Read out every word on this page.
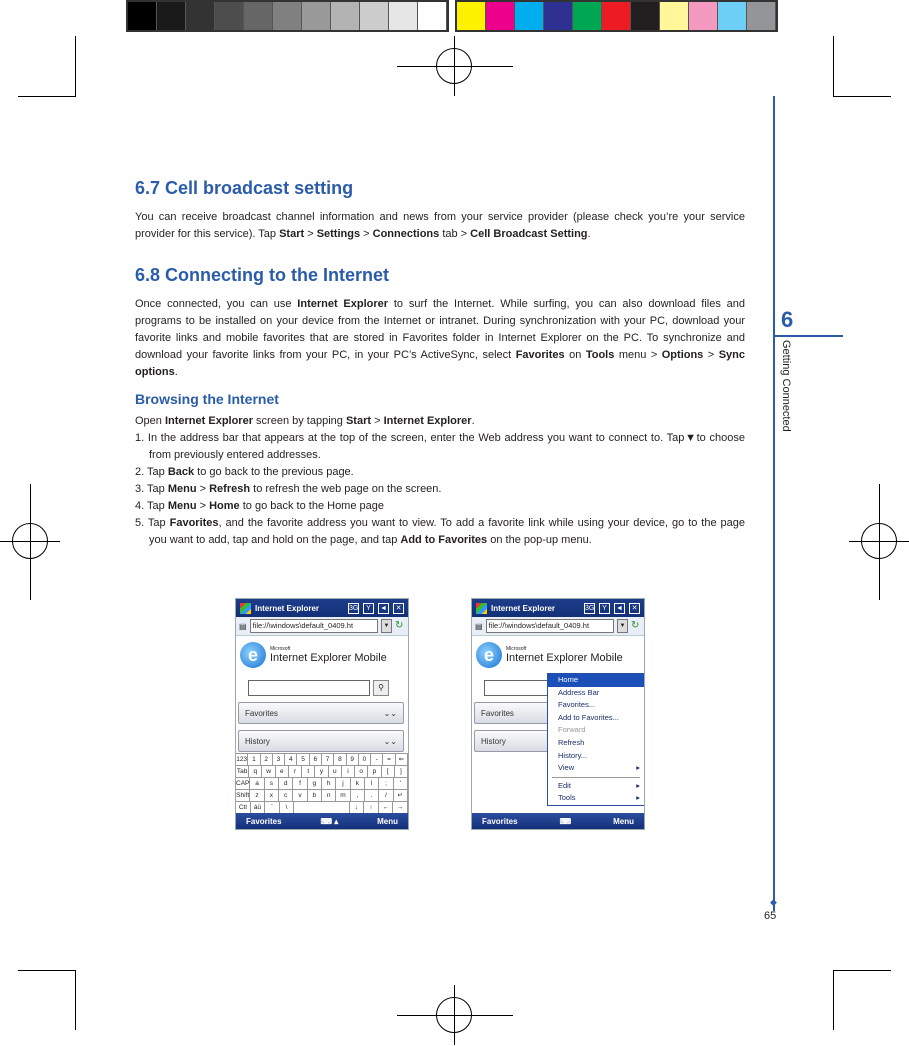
6
Getting Connected
◆
65
6.7 Cell broadcast setting

You can receive broadcast channel information and news from your service provider (please check you’re your service provider for this service). Tap Start > Settings > Connections tab > Cell Broadcast Setting.

6.8 Connecting to the Internet

Once connected, you can use Internet Explorer to surf the Internet. While surfing, you can also download files and programs to be installed on your device from the Internet or intranet. During synchronization with your PC, download your favorite links and mobile favorites that are stored in Favorites folder in Internet Explorer on the PC. To synchronize and download your favorite links from your PC, in your PC’s ActiveSync, select Favorites on Tools menu > Options > Sync options.

Browsing the Internet

Open Internet Explorer screen by tapping Start > Internet Explorer.

1. In the address bar that appears at the top of the screen, enter the Web address you want to connect to. Tap▼to choose from previously entered addresses.
2. Tap Back to go back to the previous page.
3. Tap Menu > Refresh to refresh the web page on the screen.
4. Tap Menu > Home to go back to the Home page
5. Tap Favorites, and the favorite address you want to view. To add a favorite link while using your device, go to the page you want to add, tap and hold on the page, and tap Add to Favorites on the pop-up menu.
Internet Explorer	3G	Y	◄	✕
▤ file://\windows\default_0409.ht	▼ ↻
e	Microsoft
Internet Explorer Mobile
⚲
Favorites	⌄⌄
History	⌄⌄
123 1	2	3	4	5	6	7	8	9	0	-	=	⇐
Tab q	w	e	r	t	y	u	i	o	p	[	]
CAP a	s	d	f	g	h	j	k	l	;	'
Shift z	x	c	v	b	n	m	,	.	/	↵
Ctl	áü	`	\	↓	↑	←	→
Favorites	⌨ ▴	Menu
Internet Explorer	3G	Y	◄	✕
▤ file://\windows\default_0409.ht	▼ ↻
e	Microsoft
Internet Explorer Mobile
Favorites
History
Home
Address Bar
Favorites...
Add to Favorites...
Forward
Refresh
History...
View ▸
Edit ▸
Tools ▸
Favorites	⌨	Menu
